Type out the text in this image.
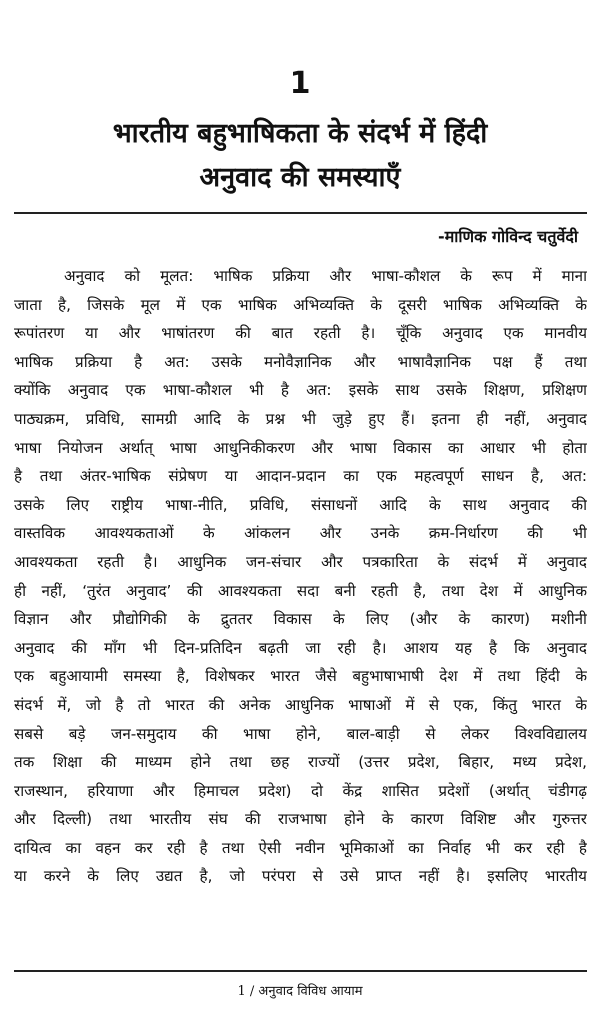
1
भारतीय बहुभाषिकता के संदर्भ में हिंदी
अनुवाद की समस्याएँ
-माणिक गोविन्द चतुर्वेदी
अनुवाद को मूलत: भाषिक प्रक्रिया और भाषा-कौशल के रूप में माना
जाता है, जिसके मूल में एक भाषिक अभिव्यक्ति के दूसरी भाषिक अभिव्यक्ति के
रूपांतरण या और भाषांतरण की बात रहती है। चूँकि अनुवाद एक मानवीय
भाषिक प्रक्रिया है अत: उसके मनोवैज्ञानिक और भाषावैज्ञानिक पक्ष हैं तथा
क्योंकि अनुवाद एक भाषा-कौशल भी है अत: इसके साथ उसके शिक्षण, प्रशिक्षण
पाठ्यक्रम, प्रविधि, सामग्री आदि के प्रश्न भी जुड़े हुए हैं। इतना ही नहीं, अनुवाद
भाषा नियोजन अर्थात् भाषा आधुनिकीकरण और भाषा विकास का आधार भी होता
है तथा अंतर-भाषिक संप्रेषण या आदान-प्रदान का एक महत्वपूर्ण साधन है, अत:
उसके लिए राष्ट्रीय भाषा-नीति, प्रविधि, संसाधनों आदि के साथ अनुवाद की
वास्तविक आवश्यकताओं के आंकलन और उनके क्रम-निर्धारण की भी
आवश्यकता रहती है। आधुनिक जन-संचार और पत्रकारिता के संदर्भ में अनुवाद
ही नहीं, ‘तुरंत अनुवाद’ की आवश्यकता सदा बनी रहती है, तथा देश में आधुनिक
विज्ञान और प्रौद्योगिकी के द्रुततर विकास के लिए (और के कारण) मशीनी
अनुवाद की माँग भी दिन-प्रतिदिन बढ़ती जा रही है। आशय यह है कि अनुवाद
एक बहुआयामी समस्या है, विशेषकर भारत जैसे बहुभाषाभाषी देश में तथा हिंदी के
संदर्भ में, जो है तो भारत की अनेक आधुनिक भाषाओं में से एक, किंतु भारत के
सबसे बड़े जन-समुदाय की भाषा होने, बाल-बाड़ी से लेकर विश्वविद्यालय
तक शिक्षा की माध्यम होने तथा छह राज्यों (उत्तर प्रदेश, बिहार, मध्य प्रदेश,
राजस्थान, हरियाणा और हिमाचल प्रदेश) दो केंद्र शासित प्रदेशों (अर्थात् चंडीगढ़
और दिल्ली) तथा भारतीय संघ की राजभाषा होने के कारण विशिष्ट और गुरुत्तर
दायित्व का वहन कर रही है तथा ऐसी नवीन भूमिकाओं का निर्वाह भी कर रही है
या करने के लिए उद्यत है, जो परंपरा से उसे प्राप्त नहीं है। इसलिए भारतीय
1 / अनुवाद विविध आयाम
